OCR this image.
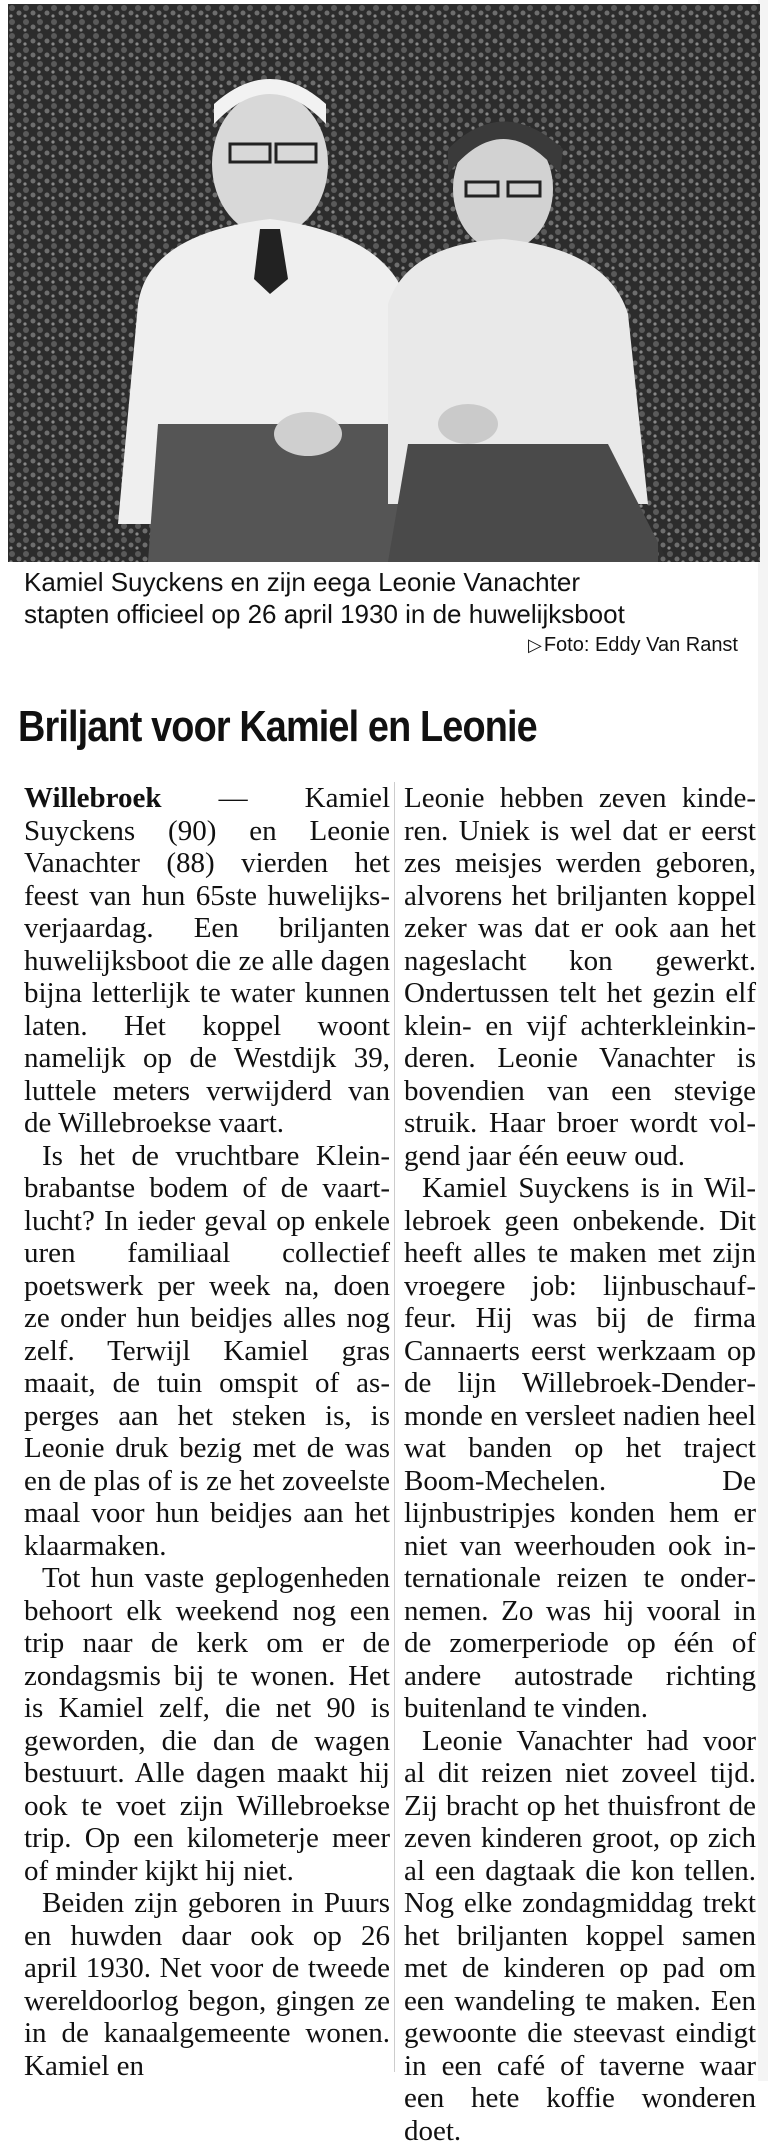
Kamiel Suyckens en zijn eega Leonie Vanachter

stapten officieel op 26 april 1930 in de huwelijksboot

▷ Foto: Eddy Van Ranst
Briljant voor Kamiel en Leonie

Willebroek — Kamiel Suyckens (90) en Leonie Vanachter (88) vierden het feest van hun 65ste huwelijksverjaardag. Een briljanten huwelijksboot die ze alle dagen bijna letterlijk te water kunnen laten. Het koppel woont namelijk op de Westdijk 39, luttele meters verwijderd van de Willebroekse vaart.

Is het de vruchtbare Kleinbrabantse bodem of de vaartlucht? In ieder geval op enkele uren familiaal collectief poetswerk per week na, doen ze onder hun beidjes alles nog zelf. Terwijl Kamiel gras maait, de tuin omspit of asperges aan het steken is, is Leonie druk bezig met de was en de plas of is ze het zoveelste maal voor hun beidjes aan het klaarmaken.

Tot hun vaste geplogenheden behoort elk weekend nog een trip naar de kerk om er de zondagsmis bij te wonen. Het is Kamiel zelf, die net 90 is geworden, die dan de wagen bestuurt. Alle dagen maakt hij ook te voet zijn Willebroekse trip. Op een kilometerje meer of minder kijkt hij niet.

Beiden zijn geboren in Puurs en huwden daar ook op 26 april 1930. Net voor de tweede wereldoorlog begon, gingen ze in de kanaalgemeente wonen. Kamiel en

Leonie hebben zeven kinderen. Uniek is wel dat er eerst zes meisjes werden geboren, alvorens het briljanten koppel zeker was dat er ook aan het nageslacht kon gewerkt. Ondertussen telt het gezin elf klein- en vijf achterkleinkinderen. Leonie Vanachter is bovendien van een stevige struik. Haar broer wordt volgend jaar één eeuw oud.

Kamiel Suyckens is in Willebroek geen onbekende. Dit heeft alles te maken met zijn vroegere job: lijnbuschauffeur. Hij was bij de firma Cannaerts eerst werkzaam op de lijn Willebroek-Dendermonde en versleet nadien heel wat banden op het traject Boom-Mechelen. De lijnbustripjes konden hem er niet van weerhouden ook internationale reizen te ondernemen. Zo was hij vooral in de zomerperiode op één of andere autostrade richting buitenland te vinden.

Leonie Vanachter had voor al dit reizen niet zoveel tijd. Zij bracht op het thuisfront de zeven kinderen groot, op zich al een dagtaak die kon tellen. Nog elke zondagmiddag trekt het briljanten koppel samen met de kinderen op pad om een wandeling te maken. Een gewoonte die steevast eindigt in een café of taverne waar een hete koffie wonderen doet.
